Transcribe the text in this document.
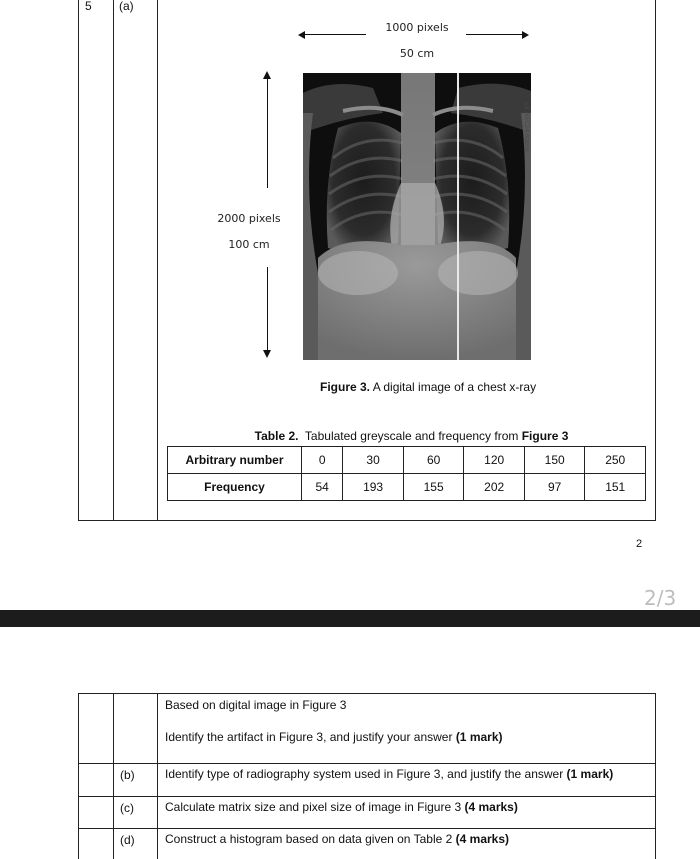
5 (a)
1000 pixels
50 cm
2000 pixels
100 cm
LE NEC24 Rapor
Figure 3. A digital image of a chest x-ray

Table 2.  Tabulated greyscale and frequency from Figure 3

Arbitrary number	0	30	60	120	150	250
Frequency	54	193	155	202	97	151
2
2/3

		Based on digital image in Figure 3
Identify the artifact in Figure 3, and justify your answer (1 mark)

	(b)	Identify type of radiography system used in Figure 3, and justify the answer (1 mark)
	(c)	Calculate matrix size and pixel size of image in Figure 3 (4 marks)
	(d)	Construct a histogram based on data given on Table 2 (4 marks)
